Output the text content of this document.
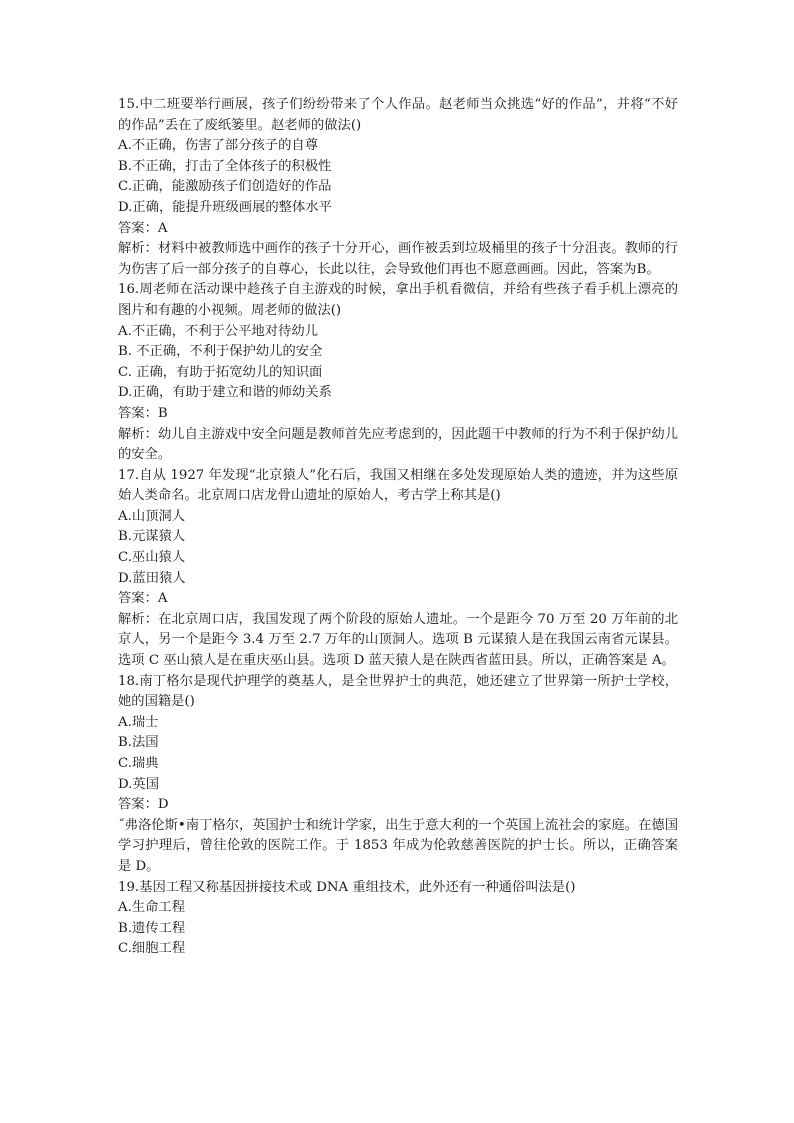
15.中二班要举行画展，孩子们纷纷带来了个人作品。赵老师当众挑选“好的作品”，并将“不好的作品”丢在了废纸篓里。赵老师的做法()
A.不正确，伤害了部分孩子的自尊
B.不正确，打击了全体孩子的积极性
C.正确，能激励孩子们创造好的作品
D.正确，能提升班级画展的整体水平
答案：A
解析：材料中被教师选中画作的孩子十分开心，画作被丢到垃圾桶里的孩子十分沮丧。教师的行为伤害了后一部分孩子的自尊心，长此以往，会导致他们再也不愿意画画。因此，答案为B。
16.周老师在活动课中趁孩子自主游戏的时候，拿出手机看微信，并给有些孩子看手机上漂亮的图片和有趣的小视频。周老师的做法()
A.不正确，不利于公平地对待幼儿
B. 不正确，不利于保护幼儿的安全
C. 正确，有助于拓宽幼儿的知识面
D.正确，有助于建立和谐的师幼关系
答案：B
解析：幼儿自主游戏中安全问题是教师首先应考虑到的，因此题干中教师的行为不利于保护幼儿的安全。
17.自从 1927 年发现“北京猿人”化石后，我国又相继在多处发现原始人类的遗迹，并为这些原始人类命名。北京周口店龙骨山遗址的原始人，考古学上称其是()
A.山顶洞人
B.元谋猿人
C.巫山猿人
D.蓝田猿人
答案：A
解析：在北京周口店，我国发现了两个阶段的原始人遗址。一个是距今 70 万至 20 万年前的北京人，另一个是距今 3.4 万至 2.7 万年的山顶洞人。选项 B 元谋猿人是在我国云南省元谋县。选项 C 巫山猿人是在重庆巫山县。选项 D 蓝天猿人是在陕西省蓝田县。所以，正确答案是 A。
18.南丁格尔是现代护理学的奠基人，是全世界护士的典范，她还建立了世界第一所护士学校，她的国籍是()
A.瑞士
B.法国
C.瑞典
D.英国
答案：D
˝弗洛伦斯•南丁格尔，英国护士和统计学家，出生于意大利的一个英国上流社会的家庭。在德国学习护理后，曾往伦敦的医院工作。于 1853 年成为伦敦慈善医院的护士长。所以，正确答案是 D。
19.基因工程又称基因拼接技术或 DNA 重组技术，此外还有一种通俗叫法是()
A.生命工程
B.遗传工程
C.细胞工程
